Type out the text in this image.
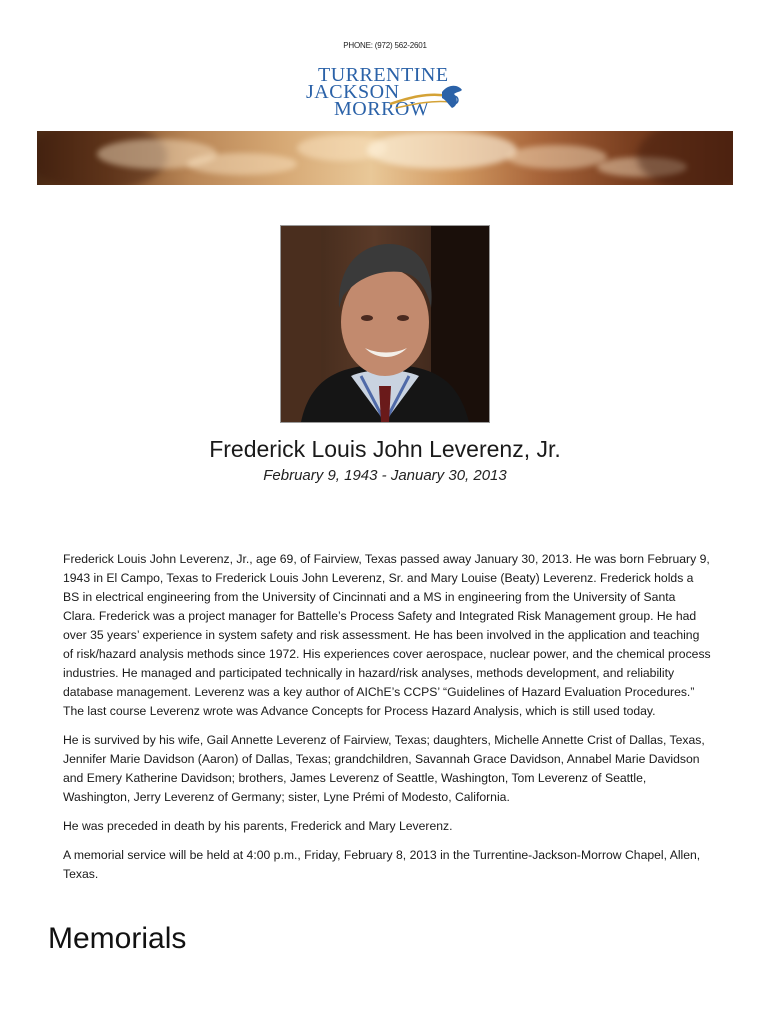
PHONE: (972) 562-2601
TURRENTINE
JACKSON
MORROW
Frederick Louis John Leverenz, Jr.
February 9, 1943 - January 30, 2013

Frederick Louis John Leverenz, Jr., age 69, of Fairview, Texas passed away January 30, 2013. He was born February 9, 1943 in El Campo, Texas to Frederick Louis John Leverenz, Sr. and Mary Louise (Beaty) Leverenz. Frederick holds a BS in electrical engineering from the University of Cincinnati and a MS in engineering from the University of Santa Clara. Frederick was a project manager for Battelle’s Process Safety and Integrated Risk Management group. He had over 35 years’ experience in system safety and risk assessment. He has been involved in the application and teaching of risk/hazard analysis methods since 1972. His experiences cover aerospace, nuclear power, and the chemical process industries. He managed and participated technically in hazard/risk analyses, methods development, and reliability database management. Leverenz was a key author of AIChE’s CCPS’ “Guidelines of Hazard Evaluation Procedures.” The last course Leverenz wrote was Advance Concepts for Process Hazard Analysis, which is still used today.

He is survived by his wife, Gail Annette Leverenz of Fairview, Texas; daughters, Michelle Annette Crist of Dallas, Texas, Jennifer Marie Davidson (Aaron) of Dallas, Texas; grandchildren, Savannah Grace Davidson, Annabel Marie Davidson and Emery Katherine Davidson; brothers, James Leverenz of Seattle, Washington, Tom Leverenz of Seattle, Washington, Jerry Leverenz of Germany; sister, Lyne Prémi of Modesto, California.

He was preceded in death by his parents, Frederick and Mary Leverenz.

A memorial service will be held at 4:00 p.m., Friday, February 8, 2013 in the Turrentine-Jackson-Morrow Chapel, Allen, Texas.

Memorials
